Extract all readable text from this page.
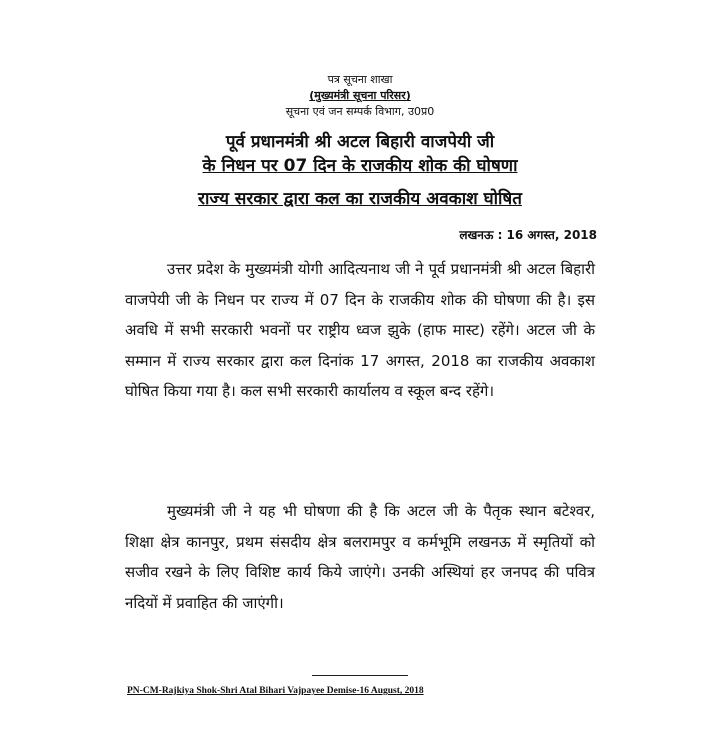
पत्र सूचना शाखा
(मुख्यमंत्री सूचना परिसर)
सूचना एवं जन सम्पर्क विभाग, उ0प्र0
पूर्व प्रधानमंत्री श्री अटल बिहारी वाजपेयी जी
के निधन पर 07 दिन के राजकीय शोक की घोषणा
राज्य सरकार द्वारा कल का राजकीय अवकाश घोषित
लखनऊ : 16 अगस्त, 2018

उत्तर प्रदेश के मुख्यमंत्री योगी आदित्यनाथ जी ने पूर्व प्रधानमंत्री श्री अटल बिहारी वाजपेयी जी के निधन पर राज्य में 07 दिन के राजकीय शोक की घोषणा की है। इस अवधि में सभी सरकारी भवनों पर राष्ट्रीय ध्वज झुके (हाफ मास्ट) रहेंगे। अटल जी के सम्मान में राज्य सरकार द्वारा कल दिनांक 17 अगस्त, 2018 का राजकीय अवकाश घोषित किया गया है। कल सभी सरकारी कार्यालय व स्कूल बन्द रहेंगे।

मुख्यमंत्री जी ने यह भी घोषणा की है कि अटल जी के पैतृक स्थान बटेश्वर, शिक्षा क्षेत्र कानपुर, प्रथम संसदीय क्षेत्र बलरामपुर व कर्मभूमि लखनऊ में स्मृतियों को सजीव रखने के लिए विशिष्ट कार्य किये जाएंगे। उनकी अस्थियां हर जनपद की पवित्र नदियों में प्रवाहित की जाएंगी।

PN-CM-Rajkiya Shok-Shri Atal Bihari Vajpayee Demise-16 August, 2018
